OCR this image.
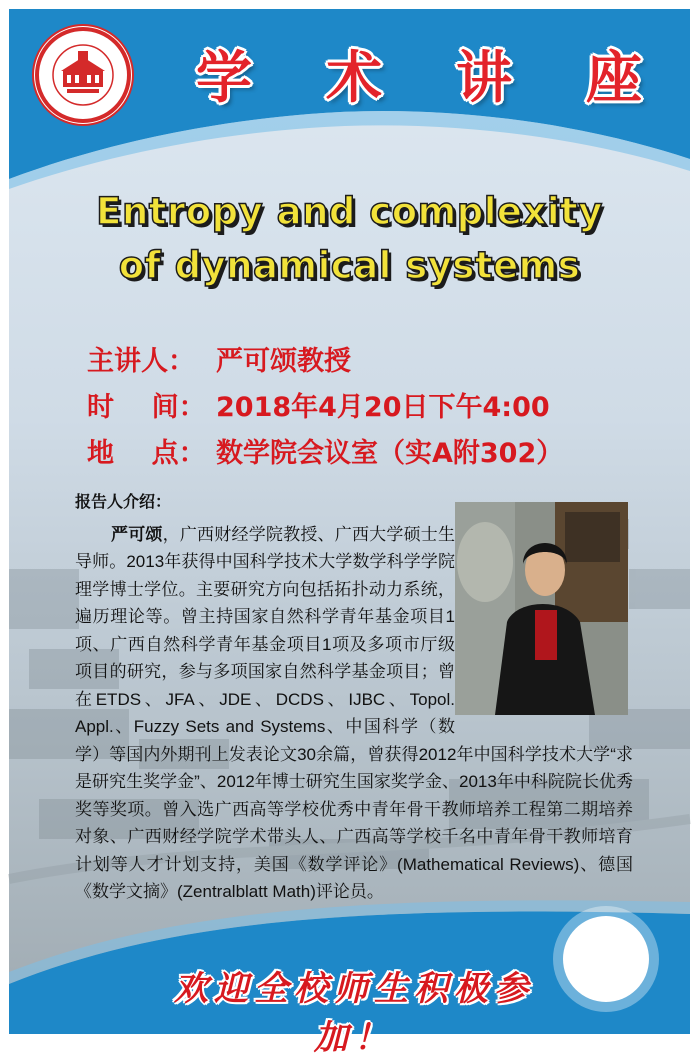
学 术 讲 座
Entropy and complexity
of dynamical systems
主讲人： 严可颂教授
时    间： 2018年4月20日下午4:00
地    点： 数学院会议室（实A附302）
报告人介绍：
严可颂，广西财经学院教授、广西大学硕士生导师。2013年获得中国科学技术大学数学科学学院理学博士学位。主要研究方向包括拓扑动力系统，遍历理论等。曾主持国家自然科学青年基金项目1项、广西自然科学青年基金项目1项及多项市厅级项目的研究，参与多项国家自然科学基金项目；曾在ETDS、JFA、JDE、DCDS、IJBC、Topol. Appl.、Fuzzy Sets and Systems、中国科学（数学）等国内外期刊上发表论文30余篇，曾获得2012年中国科学技术大学“求是研究生奖学金”、2012年博士研究生国家奖学金、2013年中科院院长优秀奖等奖项。曾入选广西高等学校优秀中青年骨干教师培养工程第二期培养对象、广西财经学院学术带头人、广西高等学校千名中青年骨干教师培育计划等人才计划支持，美国《数学评论》(Mathematical Reviews)、德国《数学文摘》(Zentralblatt Math)评论员。
欢迎全校师生积极参加！
